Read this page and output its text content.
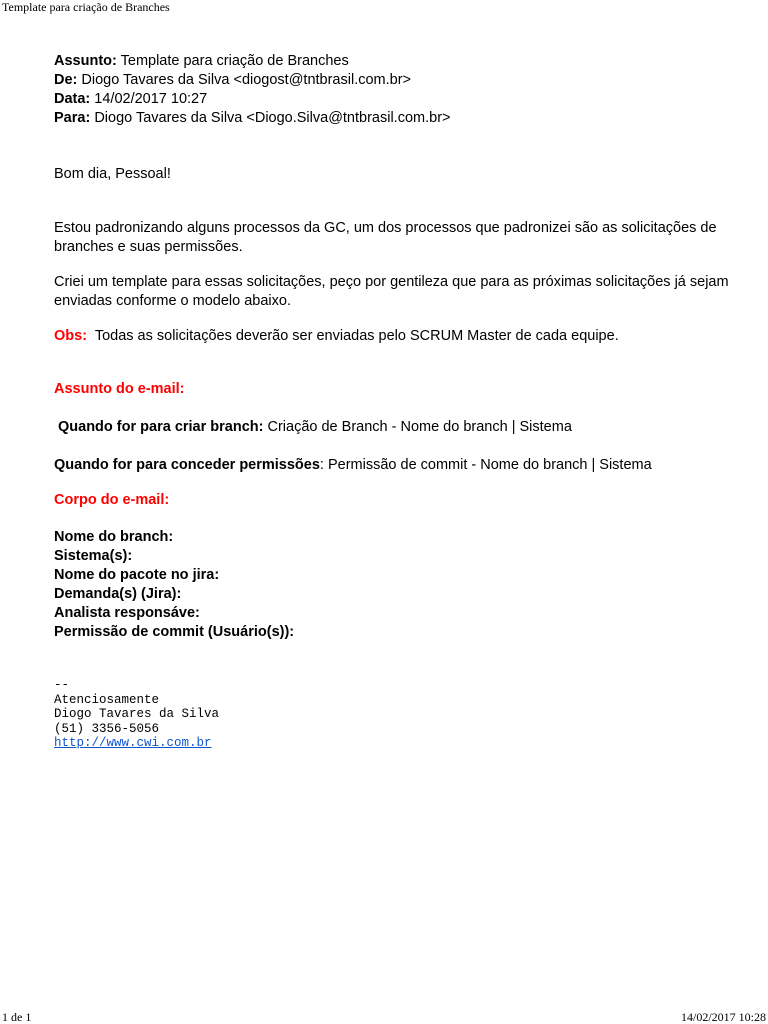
Template para criação de Branches
Assunto: Template para criação de Branches
De: Diogo Tavares da Silva <diogost@tntbrasil.com.br>
Data: 14/02/2017 10:27
Para: Diogo Tavares da Silva <Diogo.Silva@tntbrasil.com.br>

Bom dia, Pessoal!

Estou padronizando alguns processos da GC, um dos processos que padronizei são as solicitações de branches e suas permissões.

Criei um template para essas solicitações, peço por gentileza que para as próximas solicitações já sejam enviadas conforme o modelo abaixo.

Obs: Todas as solicitações deverão ser enviadas pelo SCRUM Master de cada equipe.

Assunto do e-mail:

Quando for para criar branch: Criação de Branch - Nome do branch | Sistema

Quando for para conceder permissões: Permissão de commit - Nome do branch | Sistema

Corpo do e-mail:

Nome do branch:
Sistema(s):
Nome do pacote no jira:
Demanda(s) (Jira):
Analista responsáve:
Permissão de commit (Usuário(s)):
--
Atenciosamente
Diogo Tavares da Silva
(51) 3356-5056
http://www.cwi.com.br
1 de 1	14/02/2017 10:28
